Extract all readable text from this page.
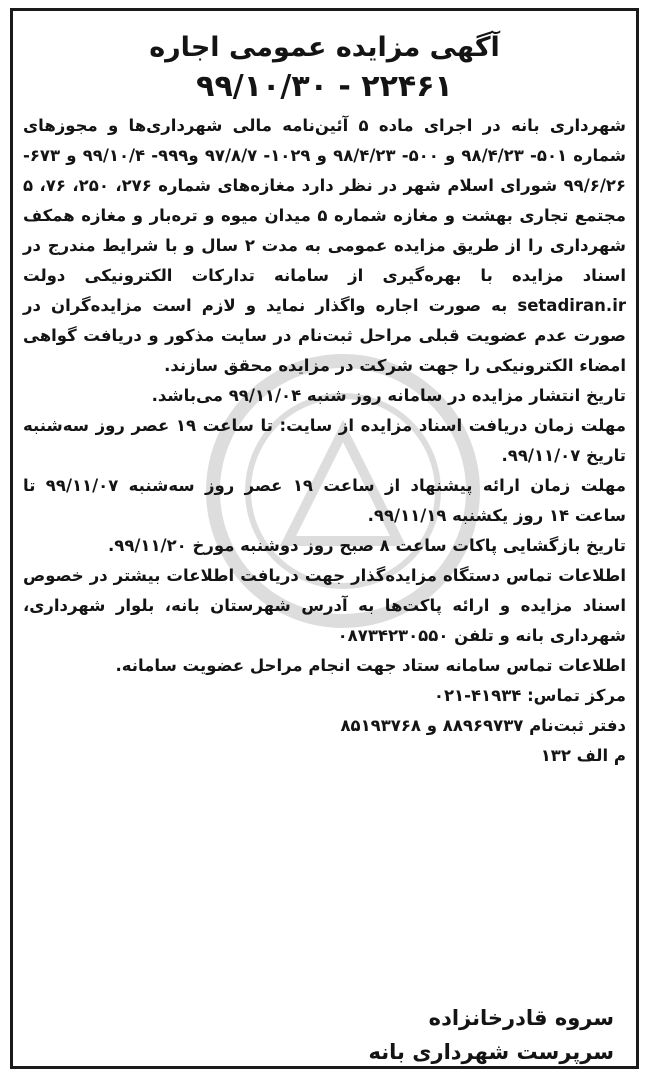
آگهی مزایده عمومی اجاره
۲۲۴۶۱ - ۹۹/۱۰/۳۰

شهرداری بانه در اجرای ماده ۵ آئین‌نامه مالی شهرداری‌ها و مجوزهای شماره ۵۰۱- ۹۸/۴/۲۳ و ۵۰۰- ۹۸/۴/۲۳ و ۱۰۲۹- ۹۷/۸/۷ و۹۹۹- ۹۹/۱۰/۴ و ۶۷۳- ۹۹/۶/۲۶ شورای اسلام شهر در نظر دارد مغازه‌های شماره ۲۷۶، ۲۵۰، ۷۶، ۵ مجتمع تجاری بهشت و مغازه شماره ۵ میدان میوه و تره‌بار و مغازه همکف شهرداری را از طریق مزایده عمومی به مدت ۲ سال و با شرایط مندرج در اسناد مزایده با بهره‌گیری از سامانه تدارکات الکترونیکی دولت setadiran.ir به صورت اجاره واگذار نماید و لازم است مزایده‌گران در صورت عدم عضویت قبلی مراحل ثبت‌نام در سایت مذکور و دریافت گواهی امضاء الکترونیکی را جهت شرکت در مزایده محقق سازند.

تاریخ انتشار مزایده در سامانه روز شنبه ۹۹/۱۱/۰۴ می‌باشد.

مهلت زمان دریافت اسناد مزایده از سایت: تا ساعت ۱۹ عصر روز سه‌شنبه تاریخ ۹۹/۱۱/۰۷.

مهلت زمان ارائه پیشنهاد از ساعت ۱۹ عصر روز سه‌شنبه ۹۹/۱۱/۰۷ تا ساعت ۱۴ روز یکشنبه ۹۹/۱۱/۱۹.

تاریخ بازگشایی پاکات ساعت ۸ صبح روز دوشنبه مورخ ۹۹/۱۱/۲۰.

اطلاعات تماس دستگاه مزایده‌گذار جهت دریافت اطلاعات بیشتر در خصوص اسناد مزایده و ارائه پاکت‌ها به آدرس شهرستان بانه، بلوار شهرداری، شهرداری بانه و تلفن ۰۸۷۳۴۲۳۰۵۵۰

اطلاعات تماس سامانه ستاد جهت انجام مراحل عضویت سامانه.

مرکز تماس: ۴۱۹۳۴-۰۲۱

دفتر ثبت‌نام ۸۸۹۶۹۷۳۷ و ۸۵۱۹۳۷۶۸

م الف ۱۳۲

سروه قادرخانزاده
سرپرست شهرداری بانه
